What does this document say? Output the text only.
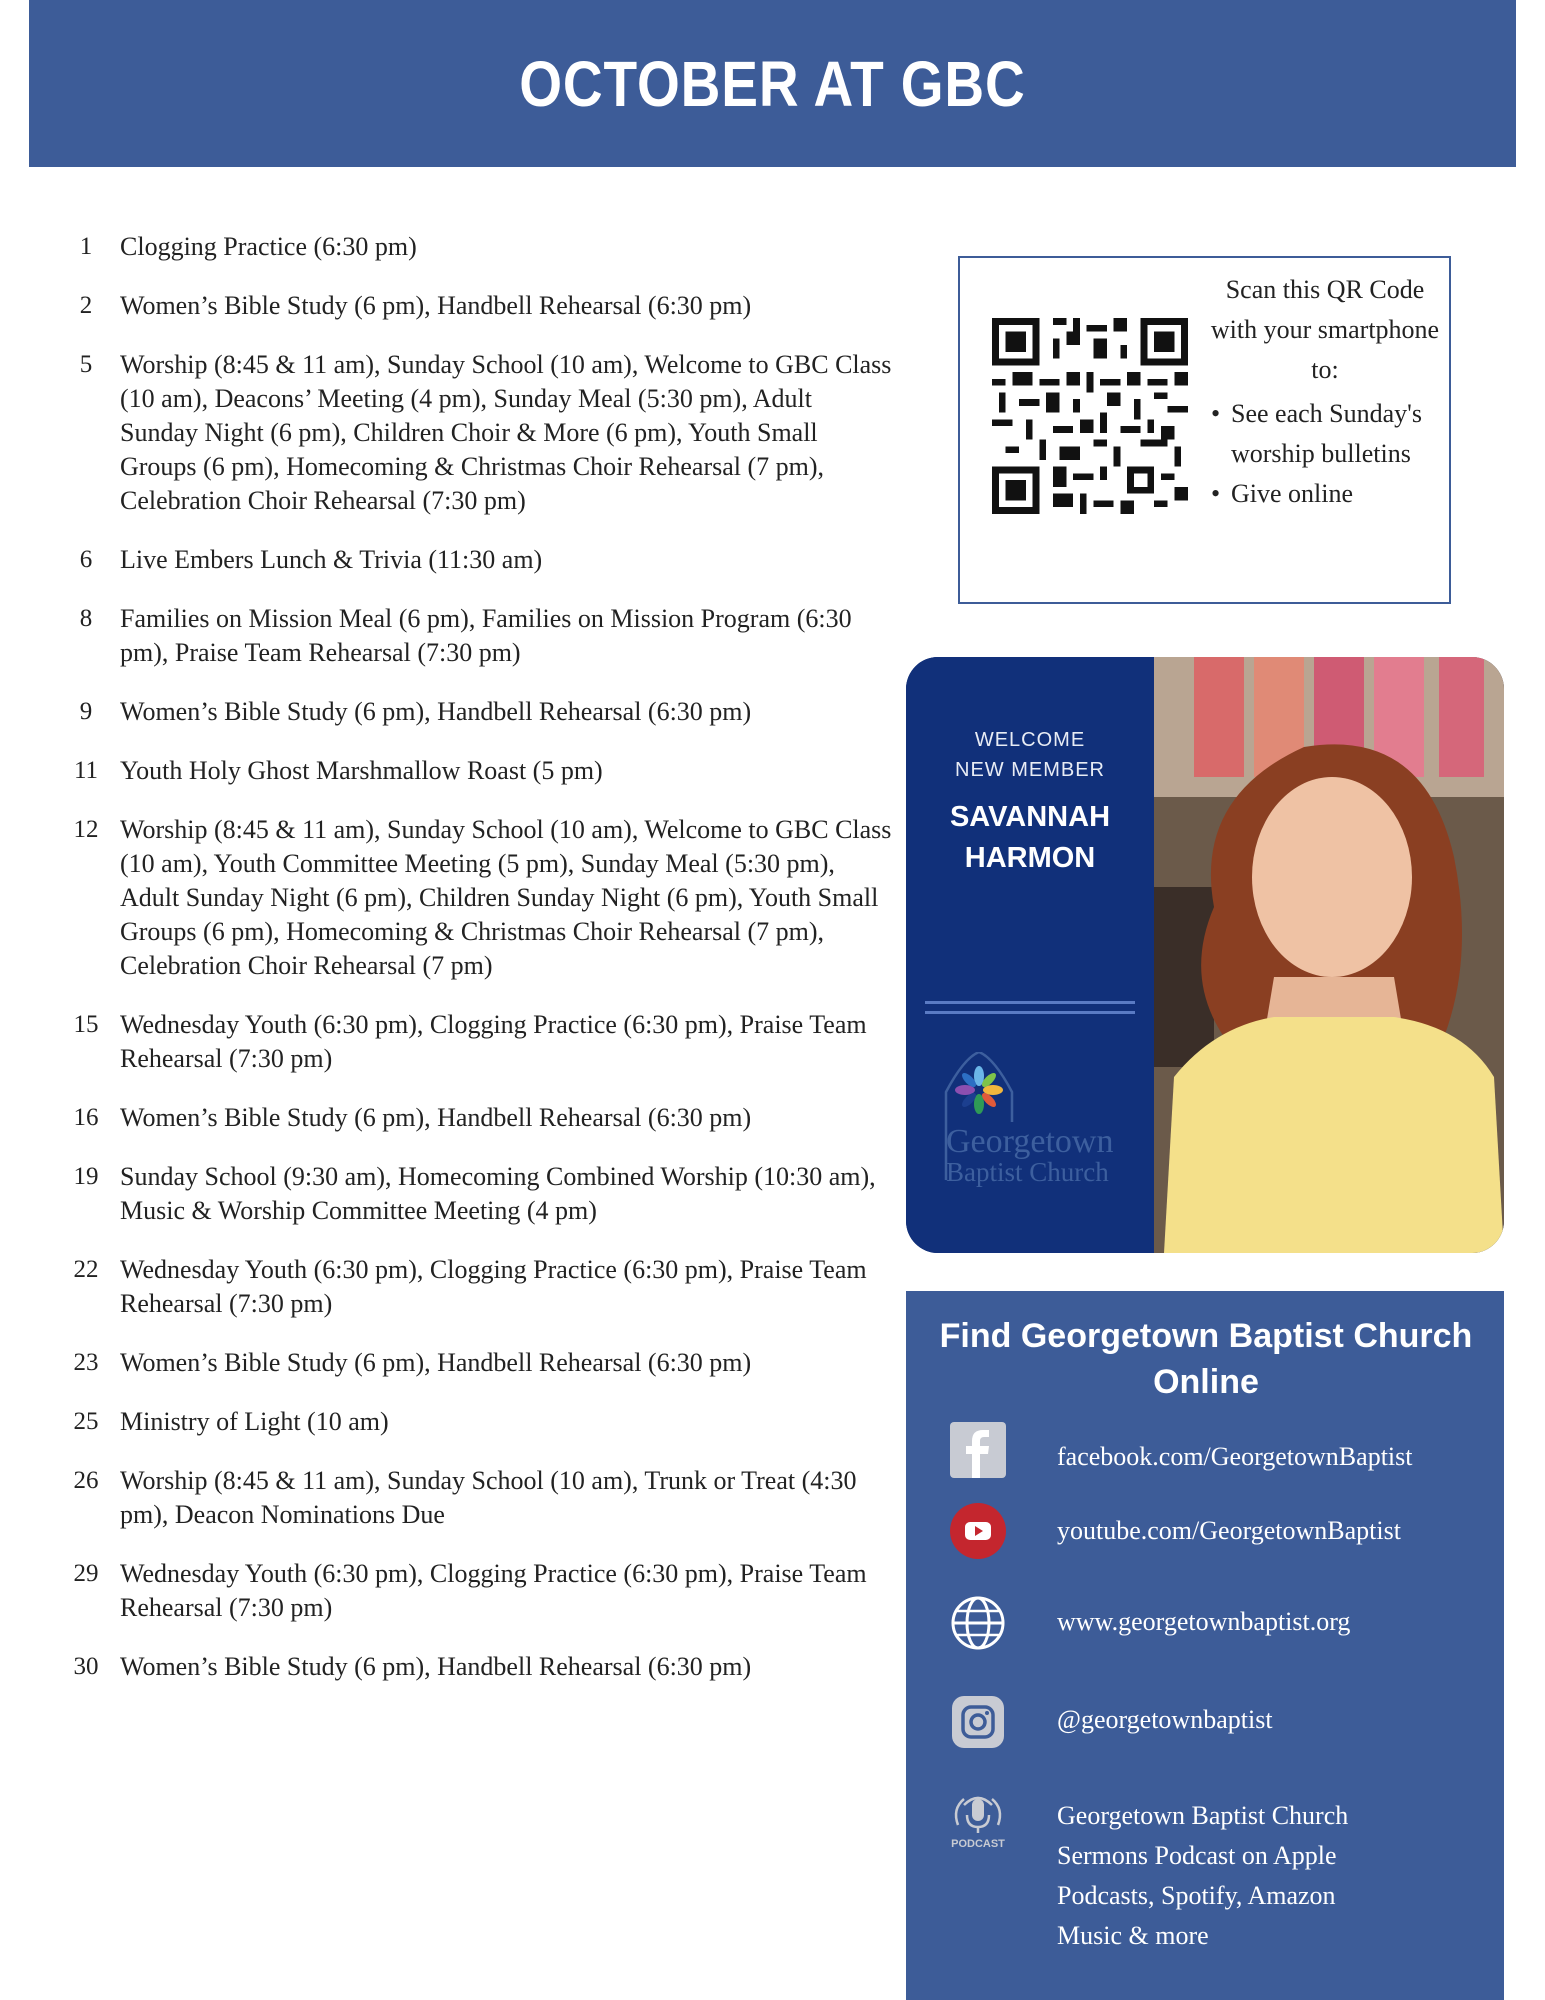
OCTOBER AT GBC
1	Clogging Practice (6:30 pm)
2	Women’s Bible Study (6 pm), Handbell Rehearsal (6:30 pm)
5	Worship (8:45 & 11 am), Sunday School (10 am), Welcome to GBC Class (10 am), Deacons’ Meeting (4 pm), Sunday Meal (5:30 pm), Adult Sunday Night (6 pm), Children Choir & More (6 pm), Youth Small Groups (6 pm), Homecoming & Christmas Choir Rehearsal (7 pm), Celebration Choir Rehearsal (7:30 pm)
6	Live Embers Lunch & Trivia (11:30 am)
8	Families on Mission Meal (6 pm), Families on Mission Program (6:30 pm), Praise Team Rehearsal (7:30 pm)
9	Women’s Bible Study (6 pm), Handbell Rehearsal (6:30 pm)
11 Youth Holy Ghost Marshmallow Roast (5 pm)
12 Worship (8:45 & 11 am), Sunday School (10 am), Welcome to GBC Class (10 am), Youth Committee Meeting (5 pm), Sunday Meal (5:30 pm), Adult Sunday Night (6 pm), Children Sunday Night (6 pm), Youth Small Groups (6 pm), Homecoming & Christmas Choir Rehearsal (7 pm), Celebration Choir Rehearsal (7 pm)
15 Wednesday Youth (6:30 pm), Clogging Practice (6:30 pm), Praise Team Rehearsal (7:30 pm)
16 Women’s Bible Study (6 pm), Handbell Rehearsal (6:30 pm)
19 Sunday School (9:30 am), Homecoming Combined Worship (10:30 am), Music & Worship Committee Meeting (4 pm)
22 Wednesday Youth (6:30 pm), Clogging Practice (6:30 pm), Praise Team Rehearsal (7:30 pm)
23 Women’s Bible Study (6 pm), Handbell Rehearsal (6:30 pm)
25 Ministry of Light (10 am)
26 Worship (8:45 & 11 am), Sunday School (10 am), Trunk or Treat (4:30 pm), Deacon Nominations Due
29 Wednesday Youth (6:30 pm), Clogging Practice (6:30 pm), Praise Team Rehearsal (7:30 pm)
30 Women’s Bible Study (6 pm), Handbell Rehearsal (6:30 pm)
Scan this QR Code with your smartphone to:
• See each Sunday's worship bulletins
• Give online
WELCOME
NEW MEMBER
SAVANNAH
HARMON
Georgetown
Baptist Church
Find Georgetown Baptist Church Online
facebook.com/GeorgetownBaptist
youtube.com/GeorgetownBaptist
www.georgetownbaptist.org
@georgetownbaptist
PODCAST
Georgetown Baptist Church Sermons Podcast on Apple Podcasts, Spotify, Amazon Music & more
